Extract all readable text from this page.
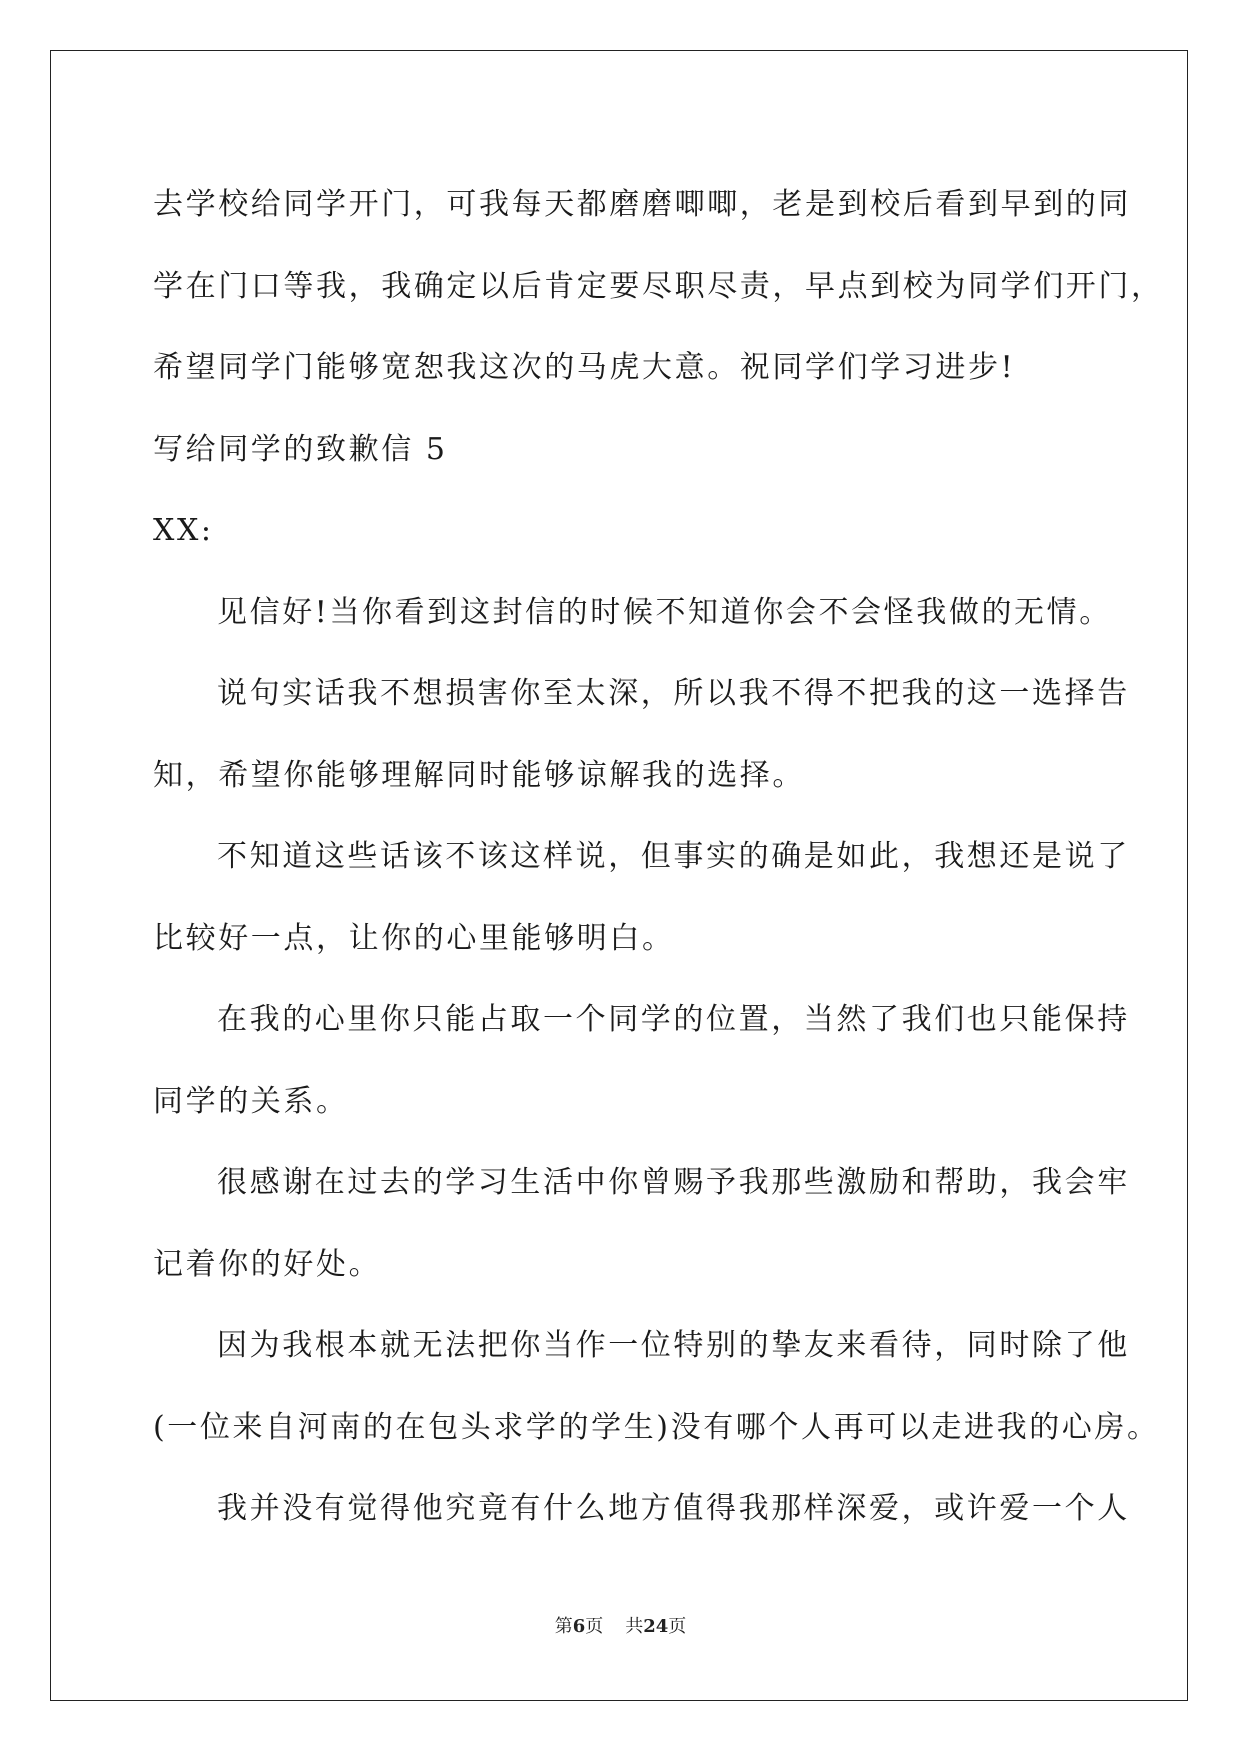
去学校给同学开门，可我每天都磨磨唧唧，老是到校后看到早到的同
学在门口等我，我确定以后肯定要尽职尽责，早点到校为同学们开门，
希望同学门能够宽恕我这次的马虎大意。祝同学们学习进步!
写给同学的致歉信 5
XX:
见信好!当你看到这封信的时候不知道你会不会怪我做的无情。
说句实话我不想损害你至太深，所以我不得不把我的这一选择告
知，希望你能够理解同时能够谅解我的选择。
不知道这些话该不该这样说，但事实的确是如此，我想还是说了
比较好一点，让你的心里能够明白。
在我的心里你只能占取一个同学的位置，当然了我们也只能保持
同学的关系。
很感谢在过去的学习生活中你曾赐予我那些激励和帮助，我会牢
记着你的好处。
因为我根本就无法把你当作一位特别的挚友来看待，同时除了他
(一位来自河南的在包头求学的学生)没有哪个人再可以走进我的心房。
我并没有觉得他究竟有什么地方值得我那样深爱，或许爱一个人
第6页 共24页
